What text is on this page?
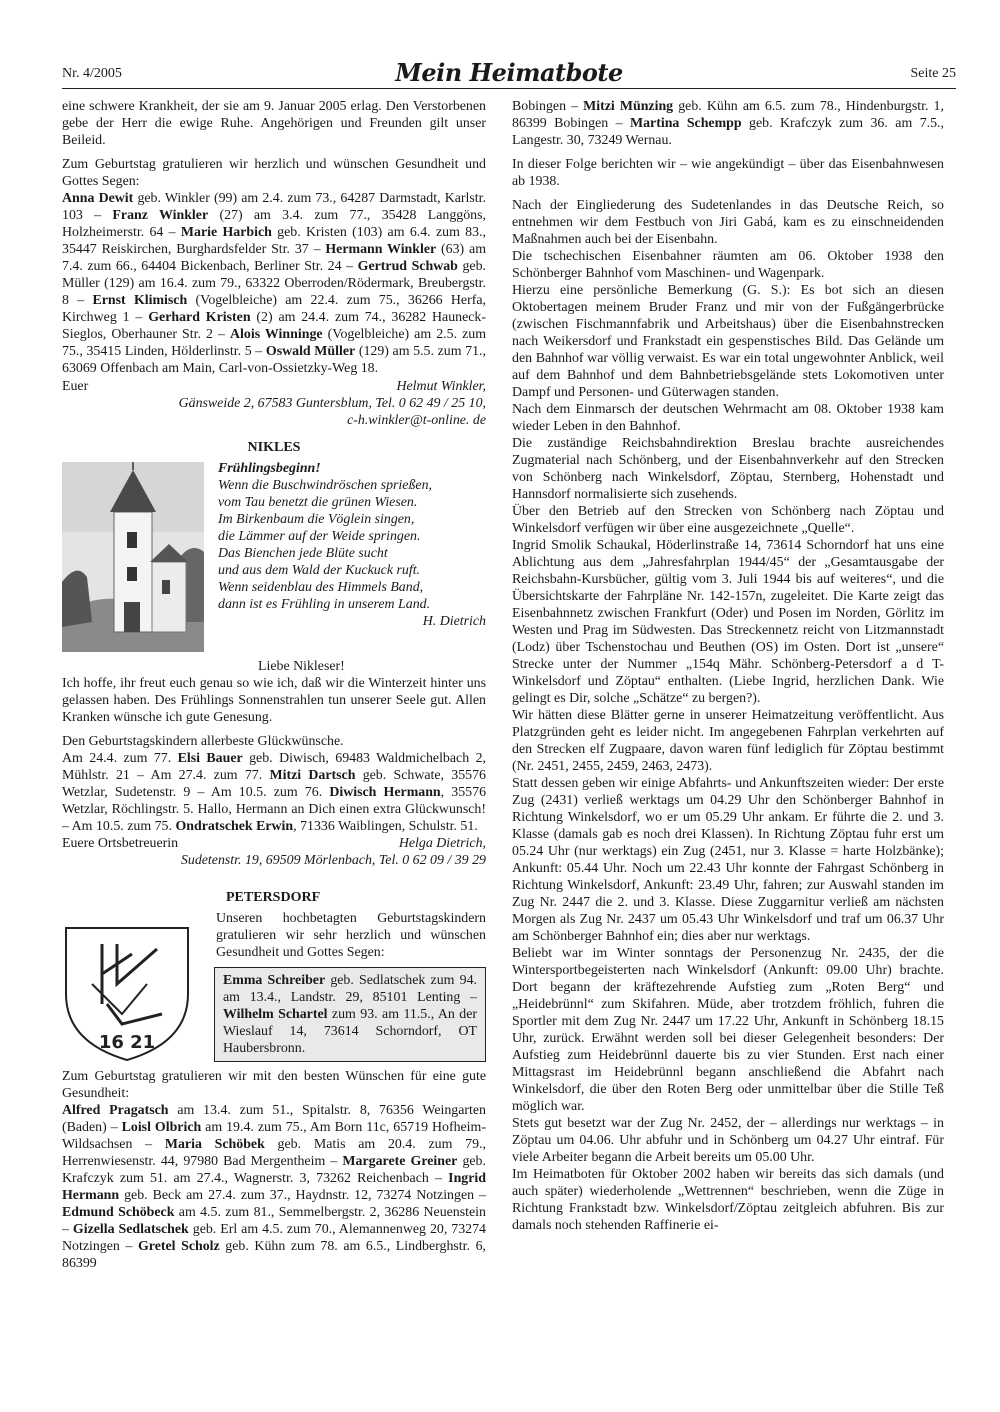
Nr. 4/2005	Mein Heimatbote	Seite 25

eine schwere Krankheit, der sie am 9. Januar 2005 erlag. Den Verstorbenen gebe der Herr die ewige Ruhe. Angehörigen und Freunden gilt unser Beileid.

Zum Geburtstag gratulieren wir herzlich und wünschen Gesundheit und Gottes Segen:
Anna Dewit geb. Winkler (99) am 2.4. zum 73., 64287 Darmstadt, Karlstr. 103 – Franz Winkler (27) am 3.4. zum 77., 35428 Langgöns, Holzheimerstr. 64 – Marie Harbich geb. Kristen (103) am 6.4. zum 83., 35447 Reiskirchen, Burghardsfelder Str. 37 – Hermann Winkler (63) am 7.4. zum 66., 64404 Bickenbach, Berliner Str. 24 – Gertrud Schwab geb. Müller (129) am 16.4. zum 79., 63322 Oberroden/Rödermark, Breubergstr. 8 – Ernst Klimisch (Vogelbleiche) am 22.4. zum 75., 36266 Herfa, Kirchweg 1 – Gerhard Kristen (2) am 24.4. zum 74., 36282 Hauneck-Sieglos, Oberhauner Str. 2 – Alois Winninge (Vogelbleiche) am 2.5. zum 75., 35415 Linden, Hölderlinstr. 5 – Oswald Müller (129) am 5.5. zum 71., 63069 Offenbach am Main, Carl-von-Ossietzky-Weg 18.

Euer	Helmut Winkler,
Gänsweide 2, 67583 Guntersblum, Tel. 0 62 49 / 25 10,
c-h.winkler@t-online. de
NIKLES
Frühlingsbeginn!
Wenn die Buschwindröschen sprießen,
vom Tau benetzt die grünen Wiesen.
Im Birkenbaum die Vöglein singen,
die Lämmer auf der Weide springen.
Das Bienchen jede Blüte sucht
und aus dem Wald der Kuckuck ruft.
Wenn seidenblau des Himmels Band,
dann ist es Frühling in unserem Land.
H. Dietrich
Liebe Nikleser!

Ich hoffe, ihr freut euch genau so wie ich, daß wir die Winterzeit hinter uns gelassen haben. Des Frühlings Sonnenstrahlen tun unserer Seele gut. Allen Kranken wünsche ich gute Genesung.

Den Geburtstagskindern allerbeste Glückwünsche.
Am 24.4. zum 77. Elsi Bauer geb. Diwisch, 69483 Waldmichelbach 2, Mühlstr. 21 – Am 27.4. zum 77. Mitzi Dartsch geb. Schwate, 35576 Wetzlar, Sudetenstr. 9 – Am 10.5. zum 76. Diwisch Hermann, 35576 Wetzlar, Röchlingstr. 5. Hallo, Hermann an Dich einen extra Glückwunsch! – Am 10.5. zum 75. Ondratschek Erwin, 71336 Waiblingen, Schulstr. 51.

Euere Ortsbetreuerin	Helga Dietrich,
Sudetenstr. 19, 69509 Mörlenbach, Tel. 0 62 09 / 39 29
PETERSDORF
16 21
Unseren hochbetagten Geburtstagskindern gratulieren wir sehr herzlich und wünschen Gesundheit und Gottes Segen:
Emma Schreiber geb. Sedlatschek zum 94. am 13.4., Landstr. 29, 85101 Lenting – Wilhelm Schartel zum 93. am 11.5., An der Wieslauf 14, 73614 Schorndorf, OT Haubersbronn.

Zum Geburtstag gratulieren wir mit den besten Wünschen für eine gute Gesundheit:
Alfred Pragatsch am 13.4. zum 51., Spitalstr. 8, 76356 Weingarten (Baden) – Loisl Olbrich am 19.4. zum 75., Am Born 11c, 65719 Hofheim-Wildsachsen – Maria Schöbek geb. Matis am 20.4. zum 79., Herrenwiesenstr. 44, 97980 Bad Mergentheim – Margarete Greiner geb. Krafczyk zum 51. am 27.4., Wagnerstr. 3, 73262 Reichenbach – Ingrid Hermann geb. Beck am 27.4. zum 37., Haydnstr. 12, 73274 Notzingen – Edmund Schöbeck am 4.5. zum 81., Semmelbergstr. 2, 36286 Neuenstein – Gizella Sedlatschek geb. Erl am 4.5. zum 70., Alemannenweg 20, 73274 Notzingen – Gretel Scholz geb. Kühn zum 78. am 6.5., Lindberghstr. 6, 86399

Bobingen – Mitzi Münzing geb. Kühn am 6.5. zum 78., Hindenburgstr. 1, 86399 Bobingen – Martina Schempp geb. Krafczyk zum 36. am 7.5., Langestr. 30, 73249 Wernau.

In dieser Folge berichten wir – wie angekündigt – über das Eisenbahnwesen ab 1938.

Nach der Eingliederung des Sudetenlandes in das Deutsche Reich, so entnehmen wir dem Festbuch von Jiri Gabá, kam es zu einschneidenden Maßnahmen auch bei der Eisenbahn.

Die tschechischen Eisenbahner räumten am 06. Oktober 1938 den Schönberger Bahnhof vom Maschinen- und Wagenpark.

Hierzu eine persönliche Bemerkung (G. S.): Es bot sich an diesen Oktobertagen meinem Bruder Franz und mir von der Fußgängerbrücke (zwischen Fischmannfabrik und Arbeitshaus) über die Eisenbahnstrecken nach Weikersdorf und Frankstadt ein gespenstisches Bild. Das Gelände um den Bahnhof war völlig verwaist. Es war ein total ungewohnter Anblick, weil auf dem Bahnhof und dem Bahnbetriebsgelände stets Lokomotiven unter Dampf und Personen- und Güterwagen standen.

Nach dem Einmarsch der deutschen Wehrmacht am 08. Oktober 1938 kam wieder Leben in den Bahnhof.

Die zuständige Reichsbahndirektion Breslau brachte ausreichendes Zugmaterial nach Schönberg, und der Eisenbahnverkehr auf den Strecken von Schönberg nach Winkelsdorf, Zöptau, Sternberg, Hohenstadt und Hannsdorf normalisierte sich zusehends.

Über den Betrieb auf den Strecken von Schönberg nach Zöptau und Winkelsdorf verfügen wir über eine ausgezeichnete „Quelle“.

Ingrid Smolik Schaukal, Höderlinstraße 14, 73614 Schorndorf hat uns eine Ablichtung aus dem „Jahresfahrplan 1944/45“ der „Gesamtausgabe der Reichsbahn-Kursbücher, gültig vom 3. Juli 1944 bis auf weiteres“, und die Übersichtskarte der Fahrpläne Nr. 142-157n, zugeleitet. Die Karte zeigt das Eisenbahnnetz zwischen Frankfurt (Oder) und Posen im Norden, Görlitz im Westen und Prag im Südwesten. Das Streckennetz reicht von Litzmannstadt (Lodz) über Tschenstochau und Beuthen (OS) im Osten. Dort ist „unsere“ Strecke unter der Nummer „154q Mähr. Schönberg-Petersdorf a d T-Winkelsdorf und Zöptau“ enthalten. (Liebe Ingrid, herzlichen Dank. Wie gelingt es Dir, solche „Schätze“ zu bergen?).

Wir hätten diese Blätter gerne in unserer Heimatzeitung veröffentlicht. Aus Platzgründen geht es leider nicht. Im angegebenen Fahrplan verkehrten auf den Strecken elf Zugpaare, davon waren fünf lediglich für Zöptau bestimmt (Nr. 2451, 2455, 2459, 2463, 2473).

Statt dessen geben wir einige Abfahrts- und Ankunftszeiten wieder: Der erste Zug (2431) verließ werktags um 04.29 Uhr den Schönberger Bahnhof in Richtung Winkelsdorf, wo er um 05.29 Uhr ankam. Er führte die 2. und 3. Klasse (damals gab es noch drei Klassen). In Richtung Zöptau fuhr erst um 05.24 Uhr (nur werktags) ein Zug (2451, nur 3. Klasse = harte Holzbänke); Ankunft: 05.44 Uhr. Noch um 22.43 Uhr konnte der Fahrgast Schönberg in Richtung Winkelsdorf, Ankunft: 23.49 Uhr, fahren; zur Auswahl standen im Zug Nr. 2447 die 2. und 3. Klasse. Diese Zuggarnitur verließ am nächsten Morgen als Zug Nr. 2437 um 05.43 Uhr Winkelsdorf und traf um 06.37 Uhr am Schönberger Bahnhof ein; dies aber nur werktags.

Beliebt war im Winter sonntags der Personenzug Nr. 2435, der die Wintersportbegeisterten nach Winkelsdorf (Ankunft: 09.00 Uhr) brachte. Dort begann der kräftezehrende Aufstieg zum „Roten Berg“ und „Heidebrünnl“ zum Skifahren. Müde, aber trotzdem fröhlich, fuhren die Sportler mit dem Zug Nr. 2447 um 17.22 Uhr, Ankunft in Schönberg 18.15 Uhr, zurück. Erwähnt werden soll bei dieser Gelegenheit besonders: Der Aufstieg zum Heidebrünnl dauerte bis zu vier Stunden. Erst nach einer Mittagsrast im Heidebrünnl begann anschließend die Abfahrt nach Winkelsdorf, die über den Roten Berg oder unmittelbar über die Stille Teß möglich war.

Stets gut besetzt war der Zug Nr. 2452, der – allerdings nur werktags – in Zöptau um 04.06. Uhr abfuhr und in Schönberg um 04.27 Uhr eintraf. Für viele Arbeiter begann die Arbeit bereits um 05.00 Uhr.

Im Heimatboten für Oktober 2002 haben wir bereits das sich damals (und auch später) wiederholende „Wettrennen“ beschrieben, wenn die Züge in Richtung Frankstadt bzw. Winkelsdorf/Zöptau zeitgleich abfuhren. Bis zur damals noch stehenden Raffinerie ei-
